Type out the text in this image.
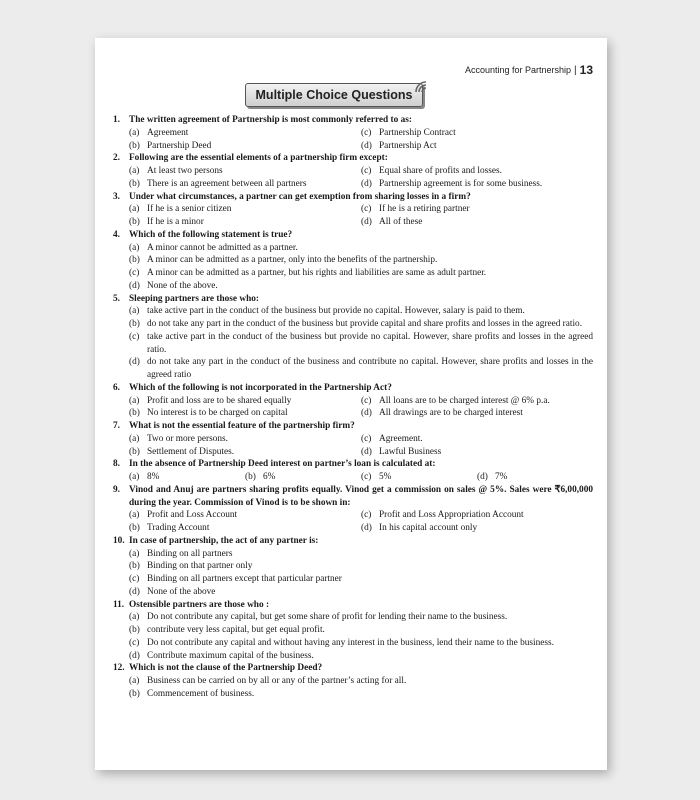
Accounting for Partnership | 13
Multiple Choice Questions
1. The written agreement of Partnership is most commonly referred to as:
(a) Agreement	(c) Partnership Contract
(b) Partnership Deed	(d) Partnership Act
2. Following are the essential elements of a partnership firm except:
(a) At least two persons	(c) Equal share of profits and losses.
(b) There is an agreement between all partners	(d) Partnership agreement is for some business.
3. Under what circumstances, a partner can get exemption from sharing losses in a firm?
(a) If he is a senior citizen	(c) If he is a retiring partner
(b) If he is a minor	(d) All of these
4. Which of the following statement is true?
(a) A minor cannot be admitted as a partner.
(b) A minor can be admitted as a partner, only into the benefits of the partnership.
(c) A minor can be admitted as a partner, but his rights and liabilities are same as adult partner.
(d) None of the above.
5. Sleeping partners are those who:
(a) take active part in the conduct of the business but provide no capital. However, salary is paid to them.
(b) do not take any part in the conduct of the business but provide capital and share profits and losses in the agreed ratio.
(c) take active part in the conduct of the business but provide no capital. However, share profits and losses in the agreed ratio.
(d) do not take any part in the conduct of the business and contribute no capital. However, share profits and losses in the agreed ratio
6. Which of the following is not incorporated in the Partnership Act?
(a) Profit and loss are to be shared equally	(c) All loans are to be charged interest @ 6% p.a.
(b) No interest is to be charged on capital	(d) All drawings are to be charged interest
7. What is not the essential feature of the partnership firm?
(a) Two or more persons.	(c) Agreement.
(b) Settlement of Disputes.	(d) Lawful Business
8. In the absence of Partnership Deed interest on partner’s loan is calculated at:
(a) 8%	(b) 6%	(c) 5%	(d) 7%
9. Vinod and Anuj are partners sharing profits equally. Vinod get a commission on sales @ 5%. Sales were ₹6,00,000 during the year. Commission of Vinod is to be shown in:
(a) Profit and Loss Account	(c) Profit and Loss Appropriation Account
(b) Trading Account	(d) In his capital account only
10. In case of partnership, the act of any partner is:
(a) Binding on all partners
(b) Binding on that partner only
(c) Binding on all partners except that particular partner
(d) None of the above
11. Ostensible partners are those who :
(a) Do not contribute any capital, but get some share of profit for lending their name to the business.
(b) contribute very less capital, but get equal profit.
(c) Do not contribute any capital and without having any interest in the business, lend their name to the business.
(d) Contribute maximum capital of the business.
12. Which is not the clause of the Partnership Deed?
(a) Business can be carried on by all or any of the partner’s acting for all.
(b) Commencement of business.
